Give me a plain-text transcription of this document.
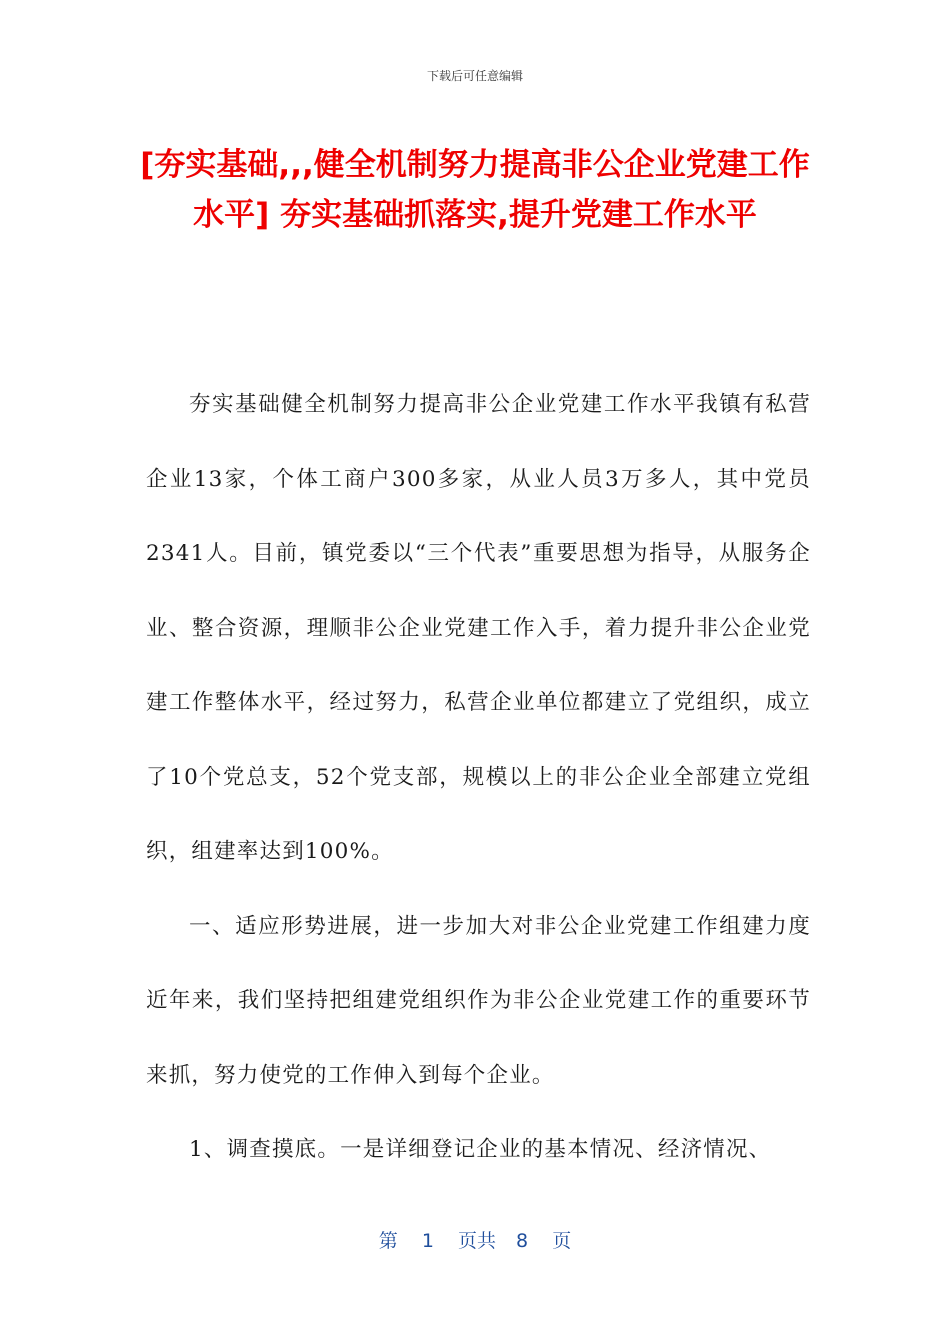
下载后可任意编辑
[夯实基础,,,健全机制努力提高非公企业党建工作水平] 夯实基础抓落实,提升党建工作水平

夯实基础健全机制努力提高非公企业党建工作水平我镇有私营企业13家，个体工商户300多家，从业人员3万多人，其中党员2341人。目前，镇党委以“三个代表”重要思想为指导，从服务企业、整合资源，理顺非公企业党建工作入手，着力提升非公企业党建工作整体水平，经过努力，私营企业单位都建立了党组织，成立了10个党总支，52个党支部，规模以上的非公企业全部建立党组织，组建率达到100%。

一、适应形势进展，进一步加大对非公企业党建工作组建力度近年来，我们坚持把组建党组织作为非公企业党建工作的重要环节来抓，努力使党的工作伸入到每个企业。

1、调查摸底。一是详细登记企业的基本情况、经济情况、

第 1 页共 8 页
